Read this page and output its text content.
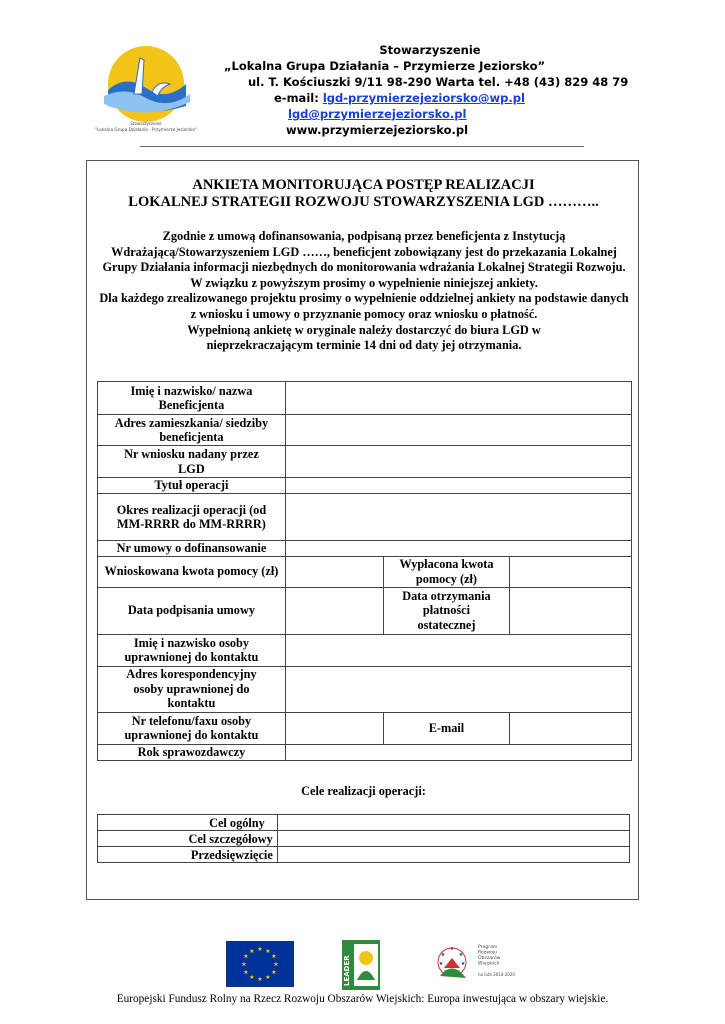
Stowarzyszenie
"Lokalna Grupa Działania - Przymierze Jeziorsko"
Stowarzyszenie
„Lokalna Grupa Działania – Przymierze Jeziorsko”
ul. T. Kościuszki 9/11 98-290 Warta tel. +48 (43) 829 48 79
e-mail: lgd-przymierzejeziorsko@wp.pl
lgd@przymierzejeziorsko.pl
www.przymierzejeziorsko.pl
ANKIETA MONITORUJĄCA POSTĘP REALIZACJI
LOKALNEJ STRATEGII ROZWOJU STOWARZYSZENIA LGD ………..
Zgodnie z umową dofinansowania, podpisaną przez beneficjenta z Instytucją Wdrażającą/Stowarzyszeniem LGD ……, beneficjent zobowiązany jest do przekazania Lokalnej Grupy Działania informacji niezbędnych do monitorowania wdrażania Lokalnej Strategii Rozwoju. W związku z powyższym prosimy o wypełnienie niniejszej ankiety.
Dla każdego zrealizowanego projektu prosimy o wypełnienie oddzielnej ankiety na podstawie danych z wniosku i umowy o przyznanie pomocy oraz wniosku o płatność.
Wypełnioną ankietę w oryginale należy dostarczyć do biura LGD w nieprzekraczającym terminie 14 dni od daty jej otrzymania.
Imię i nazwisko/ nazwa Beneficjenta			
Adres zamieszkania/ siedziby beneficjenta			
Nr wniosku nadany przez LGD			
Tytuł operacji			
Okres realizacji operacji (od MM-RRRR do MM-RRRR)			
Nr umowy o dofinansowanie			
Wnioskowana kwota pomocy (zł)		Wypłacona kwota pomocy (zł)	
Data podpisania umowy		Data otrzymania płatności ostatecznej	
Imię i nazwisko osoby uprawnionej do kontaktu			
Adres korespondencyjny osoby uprawnionej do kontaktu			
Nr telefonu/faxu osoby uprawnionej do kontaktu		E-mail	
Rok sprawozdawczy			
Cele realizacji operacji:
Cel ogólny	
Cel szczegółowy	
Przedsięwzięcie	
★ ★
★
★
★
★
★
★
★
★
★
★
LEADER
★
★
★
★
★
Program Rozwoju Obszarów Wiejskich
na lata 2014-2020
Europejski Fundusz Rolny na Rzecz Rozwoju Obszarów Wiejskich: Europa inwestująca w obszary wiejskie.
